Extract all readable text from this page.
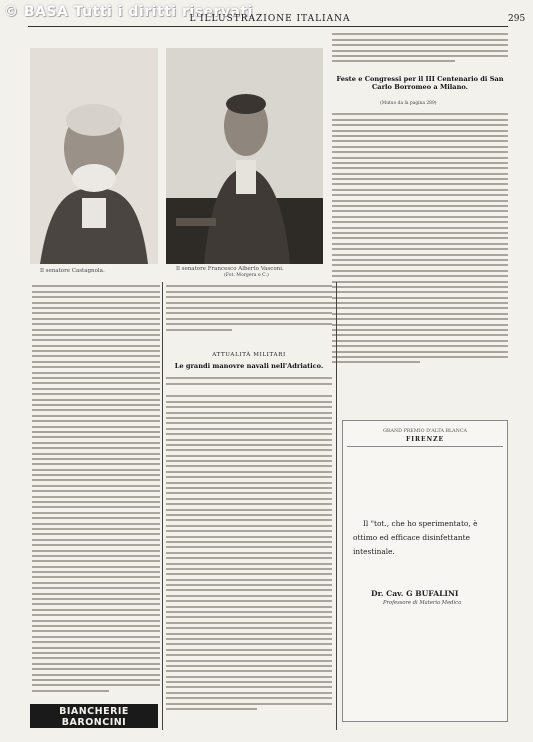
© BASA Tutti i diritti riservati
L'ILLUSTRAZIONE ITALIANA	295
Il senatore Castagnola.	Il senatore Francesco Alberto Vasconi.
(Fot. Morgera e C.)
Feste e Congressi per il III Centenario di San Carlo Borromeo a Milano.
(Mutuo da la pagina 289)
ATTUALITÀ MILITARI
Le grandi manovre navali nell'Adriatico.
GRAND PREMIO D'ALTA BLANCA
FIRENZE
Il "tot., che ho sperimentato, è ottimo ed efficace disinfettante intestinale.
Dr. Cav. G BUFALINI
Professore di Materia Medica
BIANCHERIE BARONCINI
MILANO - VIA MANZONI, 14 - MILANO
